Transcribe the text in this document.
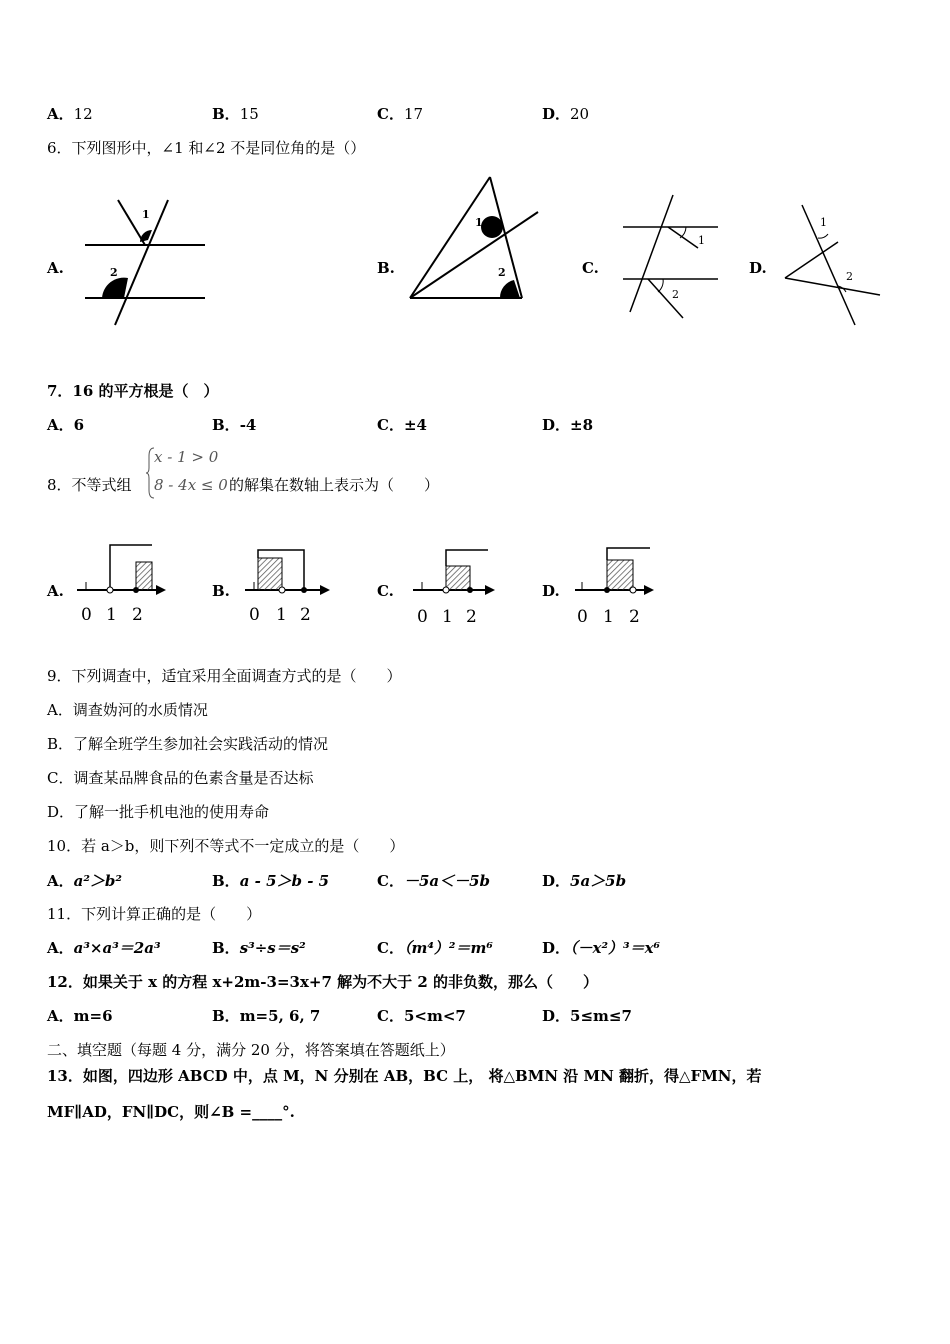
A．12	B．15	C．17	D．20
6．下列图形中，∠1 和∠2 不是同位角的是（）
A.
1
2	B.
1
2	C.
1
2
D.
1
2
7．16 的平方根是（　）
A．6	B．-4	C．±4	D．±8
8．不等式组
x - 1 > 0
8 - 4x ≤ 0 的解集在数轴上表示为（　　）
A.
0 1 2
B.
0 1 2
C.
0 1 2
D.
0 1 2
9．下列调查中，适宜采用全面调查方式的是（　　）
A．调查妫河的水质情况
B．了解全班学生参加社会实践活动的情况
C．调查某品牌食品的色素含量是否达标
D．了解一批手机电池的使用寿命
10．若 a＞b，则下列不等式不一定成立的是（　　）
A．a²＞b²	B．a - 5＞b - 5	C．－5a＜－5b	D．5a＞5b
11．下列计算正确的是（　　）
A．a³×a³＝2a³	B．s³÷s＝s²	C．（m⁴）²＝m⁶	D．（－x²）³＝x⁶
12．如果关于 x 的方程 x+2m-3=3x+7 解为不大于 2 的非负数，那么（　　）
A．m=6	B．m=5, 6, 7	C．5<m<7	D．5≤m≤7
二、填空题（每题 4 分，满分 20 分，将答案填在答题纸上）
13．如图，四边形 ABCD 中，点 M，N 分别在 AB，BC 上， 将△BMN 沿 MN 翻折，得△FMN，若
MF∥AD，FN∥DC，则∠B =____°.
